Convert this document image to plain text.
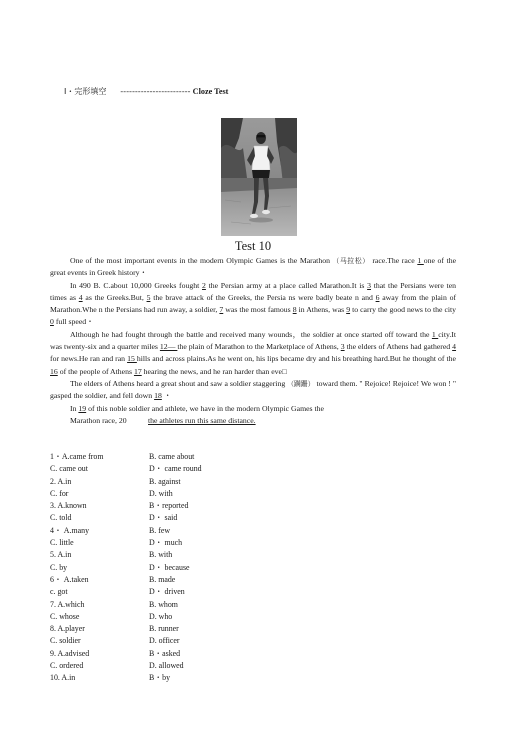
Ⅰ・完形填空 ------------------------ Cloze Test
Test 10

One of the most important events in the modern Olympic Games is the Marathon （马拉松） race.The race 1 one of the great events in Greek history・

In 490 B. C.about 10,000 Greeks fought 2 the Persian army at a place called Marathon.It is 3 that the Persians were ten times as 4 as the Greeks.But, 5 the brave attack of the Greeks, the Persia ns were badly beate n and 6 away from the plain of Marathon.Whe n the Persians had run away, a soldier, 7 was the most famous 8 in Athens, was 9 to carry the good news to the city 0 full speed・

Although he had fought through the battle and received many wounds，the soldier at once started off toward the 1 city.It was twenty-six and a quarter miles 12— the plain of Marathon to the Marketplace of Athens, 3 the elders of Athens had gathered 4 for news.He ran and ran 15 hills and across plains.As he went on, his lips became dry and his breathing hard.But he thought of the 16 of the people of Athens 17 hearing the news, and he ran harder than eve□

The elders of Athens heard a great shout and saw a soldier staggering （蹒跚） toward them. " Rejoice! Rejoice! We won ! " gasped the soldier, and fell down 18 ・

In 19 of this noble soldier and athlete, we have in the modern Olympic Games the
Marathon race, 20	the athletes run this same distance.

1・A.came from	B. came about
C. came out	D・ came round
2. A.in	B. against
C. for	D. with
3. A.known	B・reported
C. told	D・ said
4・ A.many	B. few
C. little	D・ much
5. A.in	B. with
C. by	D・ because
6・ A.taken	B. made
c. got	D・ driven
7. A.which	B. whom
C. whose	D. who
8. A.player	B. runner
C. soldier	D. officer
9. A.advised	B・asked
C. ordered	D. allowed
10. A.in	B・by
